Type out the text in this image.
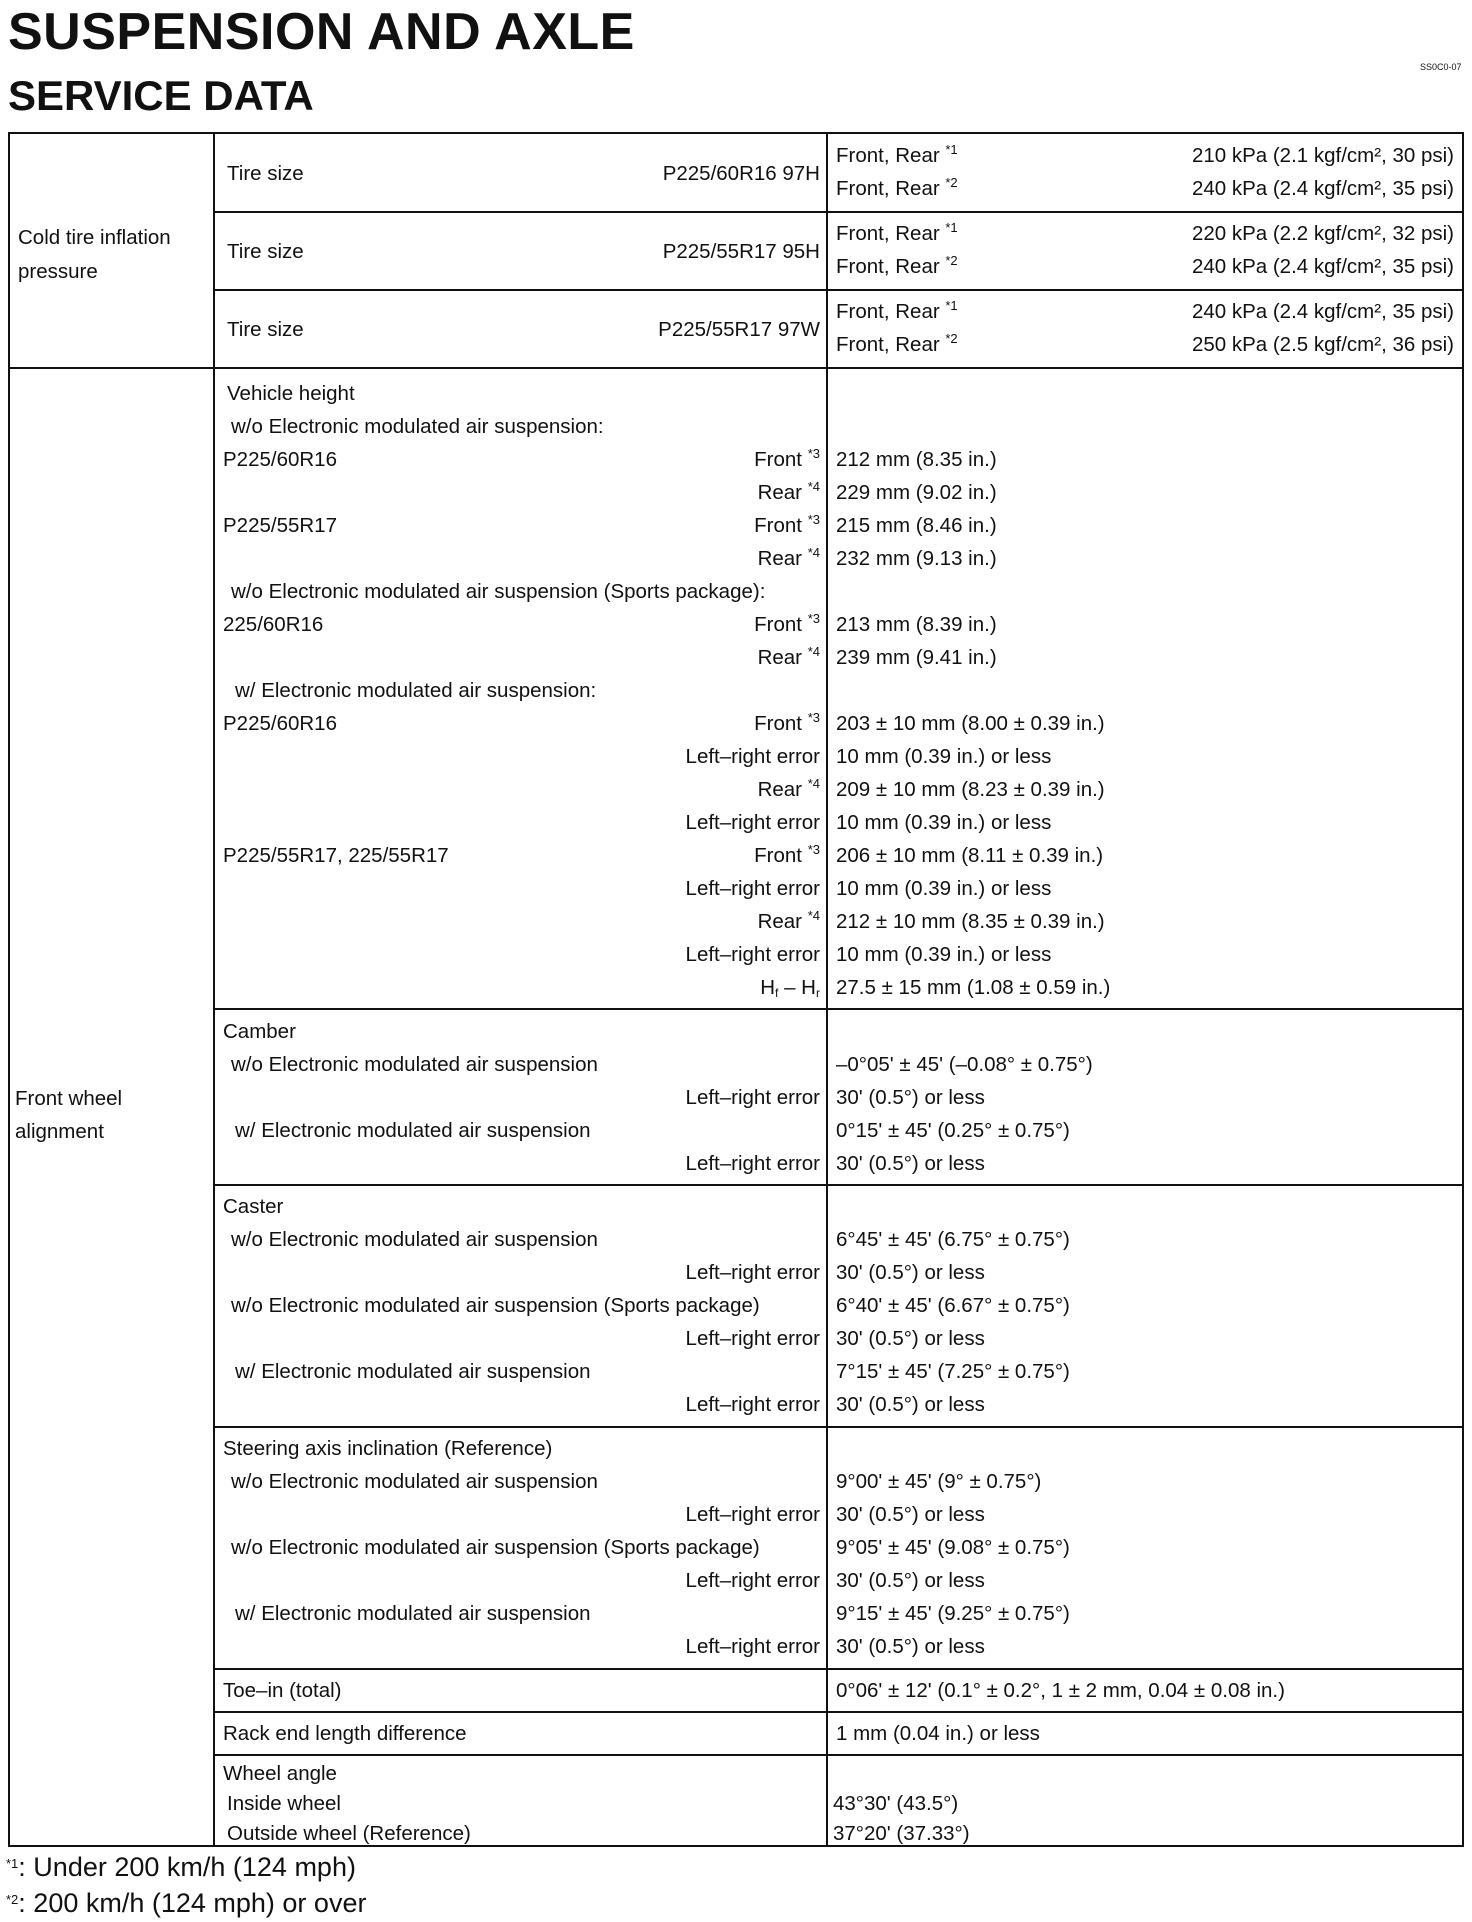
SUSPENSION AND AXLE
SERVICE DATA
SS0C0-07
Cold tire inflation
pressure
Tire size	P225/60R16 97H
Front, Rear $^{*1}$	210 kPa (2.1 kgf/cm², 30 psi)
Front, Rear $^{*2}$	240 kPa (2.4 kgf/cm², 35 psi)
Tire size	P225/55R17 95H
Front, Rear $^{*1}$	220 kPa (2.2 kgf/cm², 32 psi)
Front, Rear $^{*2}$	240 kPa (2.4 kgf/cm², 35 psi)
Tire size	P225/55R17 97W
Front, Rear $^{*1}$	240 kPa (2.4 kgf/cm², 35 psi)
Front, Rear $^{*2}$	250 kPa (2.5 kgf/cm², 36 psi)
Front wheel
alignment
Vehicle height
w/o Electronic modulated air suspension:
P225/60R16	Front $^{*3}$ 212 mm (8.35 in.)
Rear $^{*4}$ 229 mm (9.02 in.)
P225/55R17	Front $^{*3}$ 215 mm (8.46 in.)
Rear $^{*4}$ 232 mm (9.13 in.)
w/o Electronic modulated air suspension (Sports package):
225/60R16	Front $^{*3}$ 213 mm (8.39 in.)
Rear $^{*4}$ 239 mm (9.41 in.)
w/ Electronic modulated air suspension:
P225/60R16	Front $^{*3}$ 203 ± 10 mm (8.00 ± 0.39 in.)
Left–right error 10 mm (0.39 in.) or less
Rear $^{*4}$ 209 ± 10 mm (8.23 ± 0.39 in.)
Left–right error 10 mm (0.39 in.) or less
P225/55R17, 225/55R17	Front $^{*3}$ 206 ± 10 mm (8.11 ± 0.39 in.)
Left–right error 10 mm (0.39 in.) or less
Rear $^{*4}$ 212 ± 10 mm (8.35 ± 0.39 in.)
Left–right error 10 mm (0.39 in.) or less
$H_f - H_r$ 27.5 ± 15 mm (1.08 ± 0.59 in.)
Camber
w/o Electronic modulated air suspension	–0°05' ± 45' (–0.08° ± 0.75°)
Left–right error 30' (0.5°) or less
w/ Electronic modulated air suspension	0°15' ± 45' (0.25° ± 0.75°)
Left–right error 30' (0.5°) or less
Caster
w/o Electronic modulated air suspension	6°45' ± 45' (6.75° ± 0.75°)
Left–right error 30' (0.5°) or less
w/o Electronic modulated air suspension (Sports package)	6°40' ± 45' (6.67° ± 0.75°)
Left–right error 30' (0.5°) or less
w/ Electronic modulated air suspension	7°15' ± 45' (7.25° ± 0.75°)
Left–right error 30' (0.5°) or less
Steering axis inclination (Reference)
w/o Electronic modulated air suspension	9°00' ± 45' (9° ± 0.75°)
Left–right error 30' (0.5°) or less
w/o Electronic modulated air suspension (Sports package)	9°05' ± 45' (9.08° ± 0.75°)
Left–right error 30' (0.5°) or less
w/ Electronic modulated air suspension	9°15' ± 45' (9.25° ± 0.75°)
Left–right error 30' (0.5°) or less
Toe–in (total)	0°06' ± 12' (0.1° ± 0.2°, 1 ± 2 mm, 0.04 ± 0.08 in.)
Rack end length difference	1 mm (0.04 in.) or less
Wheel angle
Inside wheel	43°30' (43.5°)
Outside wheel (Reference)	37°20' (37.33°)
$^{*1}$: Under 200 km/h (124 mph)
$^{*2}$: 200 km/h (124 mph) or over
